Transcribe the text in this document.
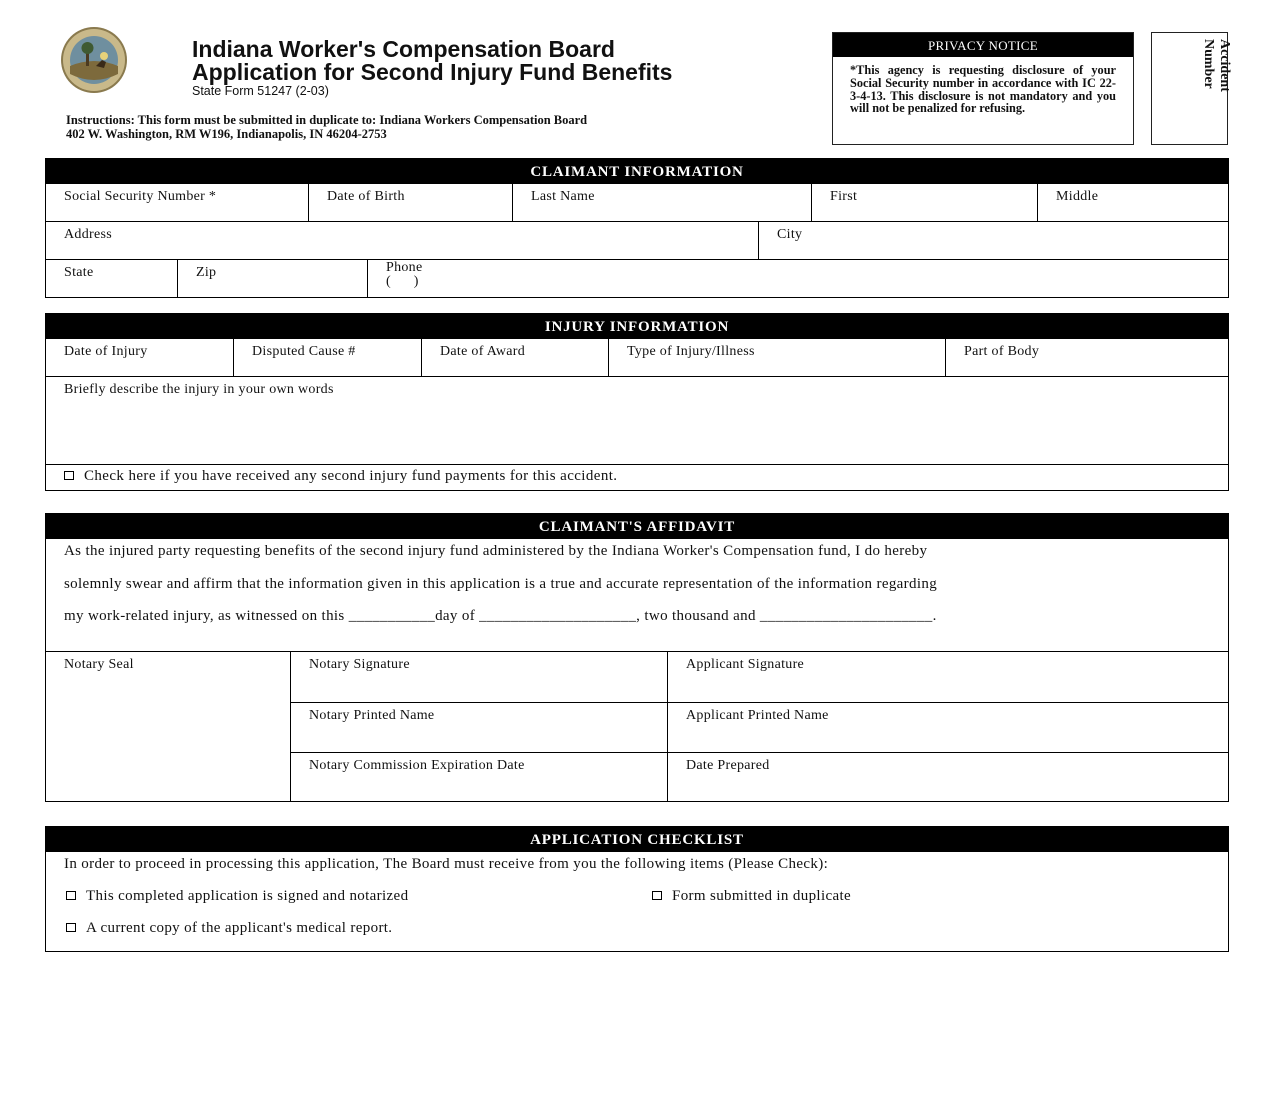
Indiana Worker's Compensation Board
Application for Second Injury Fund Benefits
State Form 51247 (2-03)
Instructions: This form must be submitted in duplicate to: Indiana Workers Compensation Board
402 W. Washington, RM W196, Indianapolis, IN 46204-2753
PRIVACY NOTICE
*This agency is requesting disclosure of your Social Security number in accordance with IC 22-3-4-13. This disclosure is not mandatory and you will not be penalized for refusing.
Accident Number
CLAIMANT INFORMATION
Social Security Number *	Date of Birth	Last Name	First	Middle
Address	City
State	Zip	Phone
(      )
INJURY INFORMATION
Date of Injury	Disputed Cause #	Date of Award	Type of Injury/Illness	Part of Body
Briefly describe the injury in your own words
Check here if you have received any second injury fund payments for this accident.
CLAIMANT'S AFFIDAVIT
As the injured party requesting benefits of the second injury fund administered by the Indiana Worker's Compensation fund, I do hereby
solemnly swear and affirm that the information given in this application is a true and accurate representation of the information regarding
my work-related injury, as witnessed on this ___________day of ____________________, two thousand and ______________________.
Notary Seal	Notary Signature	Applicant Signature
Notary Printed Name	Applicant Printed Name
Notary Commission Expiration Date	Date Prepared
APPLICATION CHECKLIST
In order to proceed in processing this application, The Board must receive from you the following items (Please Check):
This completed application is signed and notarized	Form submitted in duplicate
A current copy of the applicant's medical report.
